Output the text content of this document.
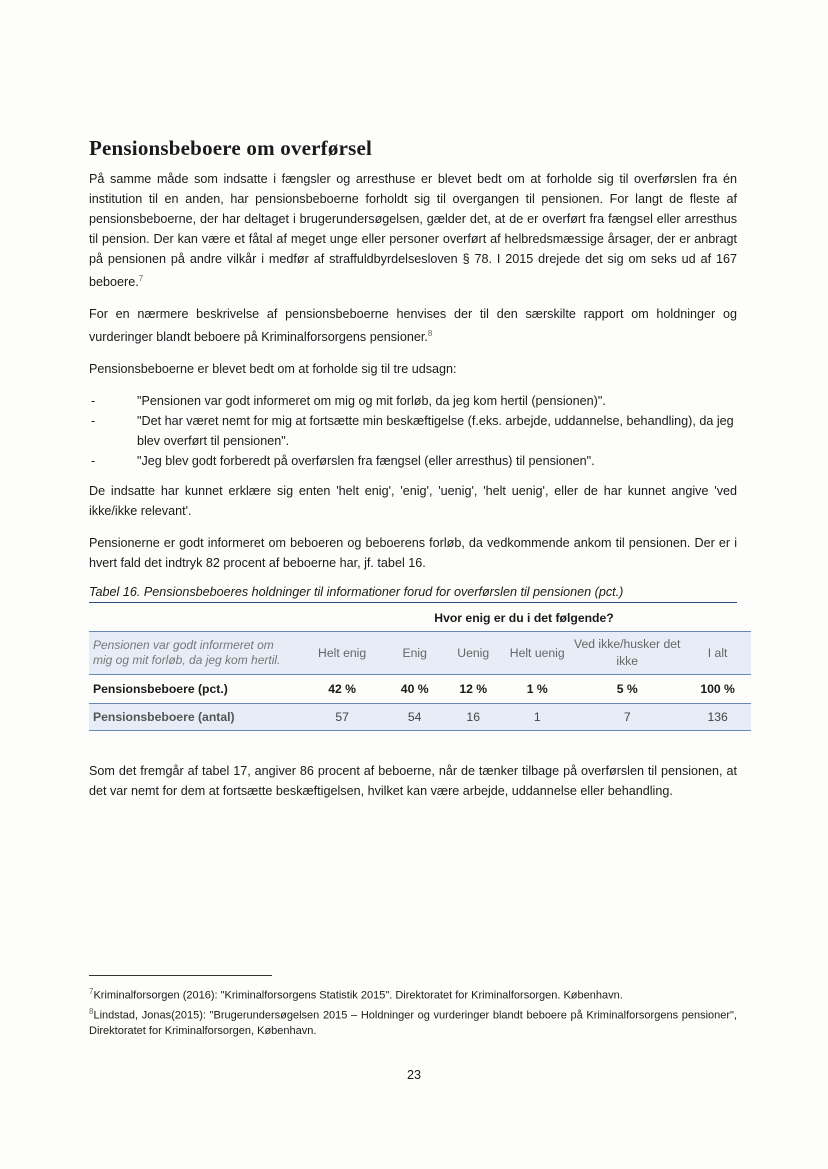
Pensionsbeboere om overførsel

På samme måde som indsatte i fængsler og arresthuse er blevet bedt om at forholde sig til overførslen fra én institution til en anden, har pensionsbeboerne forholdt sig til overgangen til pensionen. For langt de fleste af pensionsbeboerne, der har deltaget i brugerundersøgelsen, gælder det, at de er overført fra fængsel eller arresthus til pension. Der kan være et fåtal af meget unge eller personer overført af helbredsmæssige årsager, der er anbragt på pensionen på andre vilkår i medfør af straffuldbyrdelsesloven § 78. I 2015 drejede det sig om seks ud af 167 beboere.$^7$

For en nærmere beskrivelse af pensionsbeboerne henvises der til den særskilte rapport om holdninger og vurderinger blandt beboere på Kriminalforsorgens pensioner.$^8$

Pensionsbeboerne er blevet bedt om at forholde sig til tre udsagn:

-	"Pensionen var godt informeret om mig og mit forløb, da jeg kom hertil (pensionen)".
-	"Det har været nemt for mig at fortsætte min beskæftigelse (f.eks. arbejde, uddannelse, behandling), da jeg blev overført til pensionen".
-	"Jeg blev godt forberedt på overførslen fra fængsel (eller arresthus) til pensionen".

De indsatte har kunnet erklære sig enten 'helt enig', 'enig', 'uenig', 'helt uenig', eller de har kunnet angive 'ved ikke/ikke relevant'.

Pensionerne er godt informeret om beboeren og beboerens forløb, da vedkommende ankom til pensionen. Der er i hvert fald det indtryk 82 procent af beboerne har, jf. tabel 16.

Tabel 16. Pensionsbeboeres holdninger til informationer forud for overførslen til pensionen (pct.)
	Hvor enig er du i det følgende?					
Pensionen var godt informeret om mig og mit forløb, da jeg kom hertil.	Helt enig	Enig	Uenig	Helt uenig	Ved ikke/husker det ikke	I alt
Pensionsbeboere (pct.)	42 %	40 %	12 %	1 %	5 %	100 %
Pensionsbeboere (antal)	57	54	16	1	7	136

Som det fremgår af tabel 17, angiver 86 procent af beboerne, når de tænker tilbage på overførslen til pensionen, at det var nemt for dem at fortsætte beskæftigelsen, hvilket kan være arbejde, uddannelse eller behandling.

$^7$Kriminalforsorgen (2016): "Kriminalforsorgens Statistik 2015". Direktoratet for Kriminalforsorgen. København.

$^8$Lindstad, Jonas(2015): "Brugerundersøgelsen 2015 – Holdninger og vurderinger blandt beboere på Kriminalforsorgens pensioner", Direktoratet for Kriminalforsorgen, København.

23
